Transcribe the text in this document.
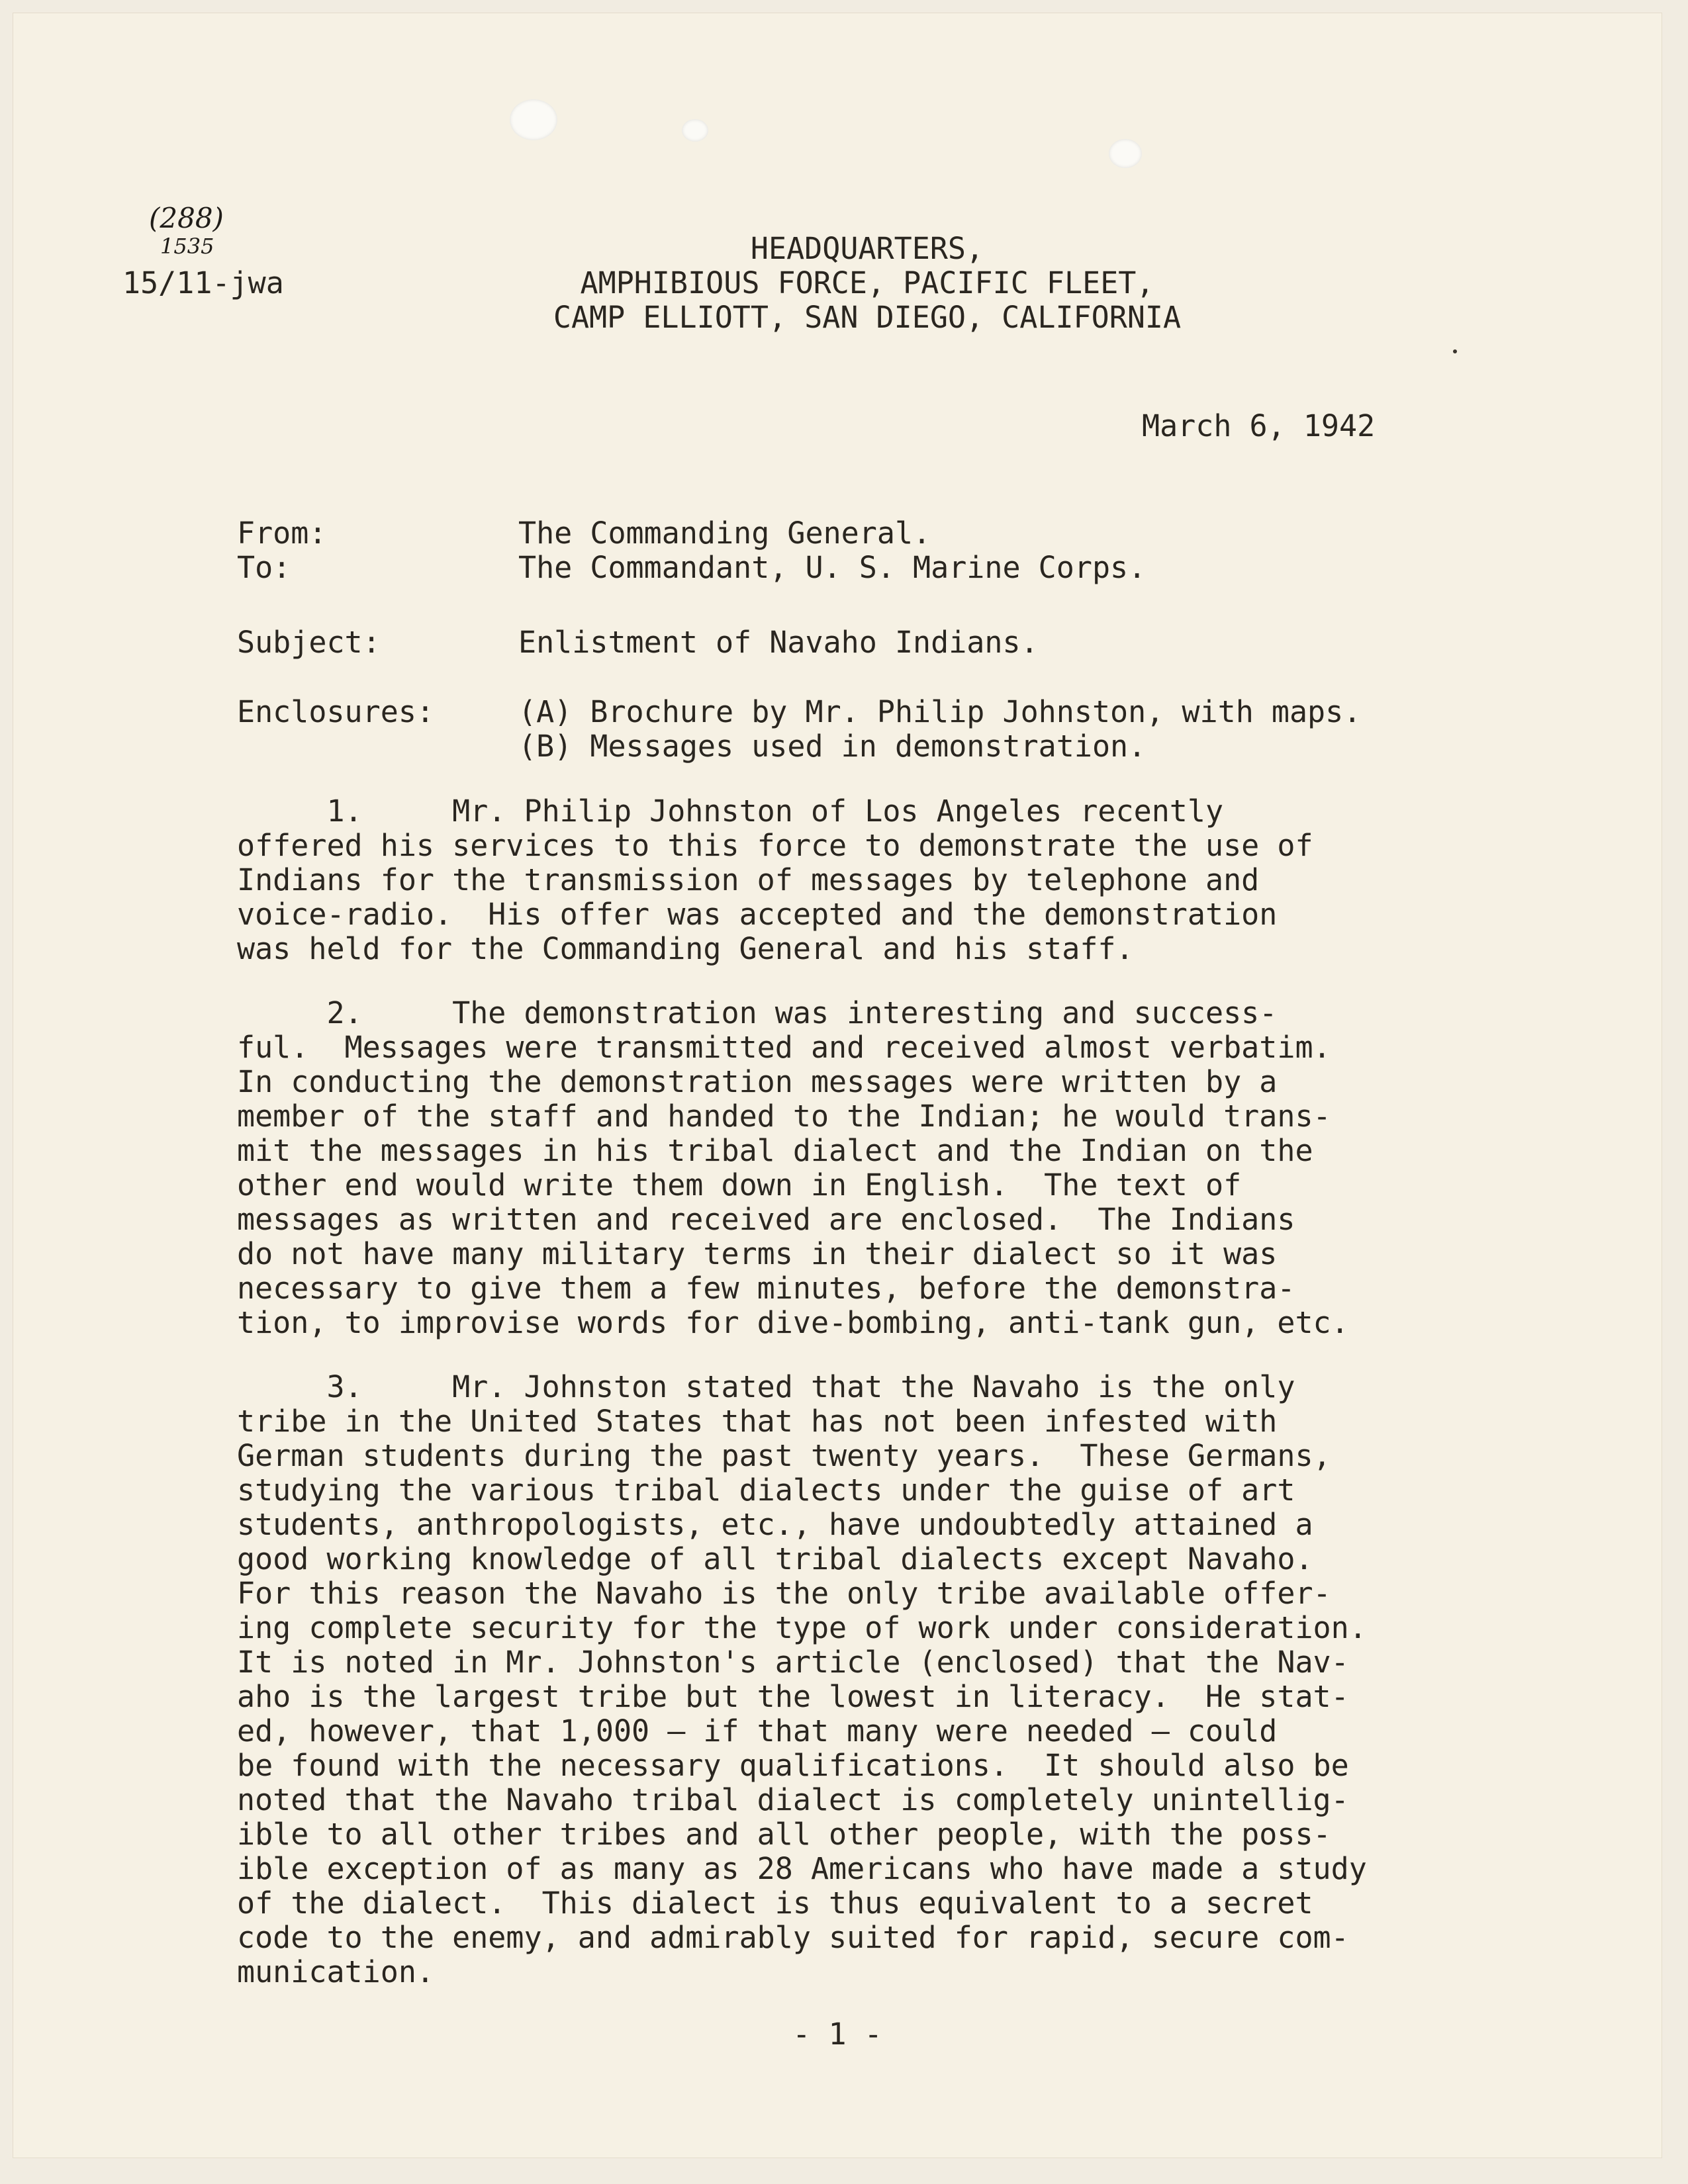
(288)
1535
15/11-jwa
HEADQUARTERS,
AMPHIBIOUS FORCE, PACIFIC FLEET,
CAMP ELLIOTT, SAN DIEGO, CALIFORNIA
March 6, 1942
From:	The Commanding General.
To:	The Commandant, U. S. Marine Corps.
Subject:	Enlistment of Navaho Indians.
Enclosures:	(A) Brochure by Mr. Philip Johnston, with maps.
(B) Messages used in demonstration.
1.     Mr. Philip Johnston of Los Angeles recently
offered his services to this force to demonstrate the use of
Indians for the transmission of messages by telephone and
voice-radio.  His offer was accepted and the demonstration
was held for the Commanding General and his staff.
2.     The demonstration was interesting and success-
ful.  Messages were transmitted and received almost verbatim.
In conducting the demonstration messages were written by a
member of the staff and handed to the Indian; he would trans-
mit the messages in his tribal dialect and the Indian on the
other end would write them down in English.  The text of
messages as written and received are enclosed.  The Indians
do not have many military terms in their dialect so it was
necessary to give them a few minutes, before the demonstra-
tion, to improvise words for dive-bombing, anti-tank gun, etc.
3.     Mr. Johnston stated that the Navaho is the only
tribe in the United States that has not been infested with
German students during the past twenty years.  These Germans,
studying the various tribal dialects under the guise of art
students, anthropologists, etc., have undoubtedly attained a
good working knowledge of all tribal dialects except Navaho.
For this reason the Navaho is the only tribe available offer-
ing complete security for the type of work under consideration.
It is noted in Mr. Johnston's article (enclosed) that the Nav-
aho is the largest tribe but the lowest in literacy.  He stat-
ed, however, that 1,000 — if that many were needed — could
be found with the necessary qualifications.  It should also be
noted that the Navaho tribal dialect is completely unintellig-
ible to all other tribes and all other people, with the poss-
ible exception of as many as 28 Americans who have made a study
of the dialect.  This dialect is thus equivalent to a secret
code to the enemy, and admirably suited for rapid, secure com-
munication.
- 1 -
